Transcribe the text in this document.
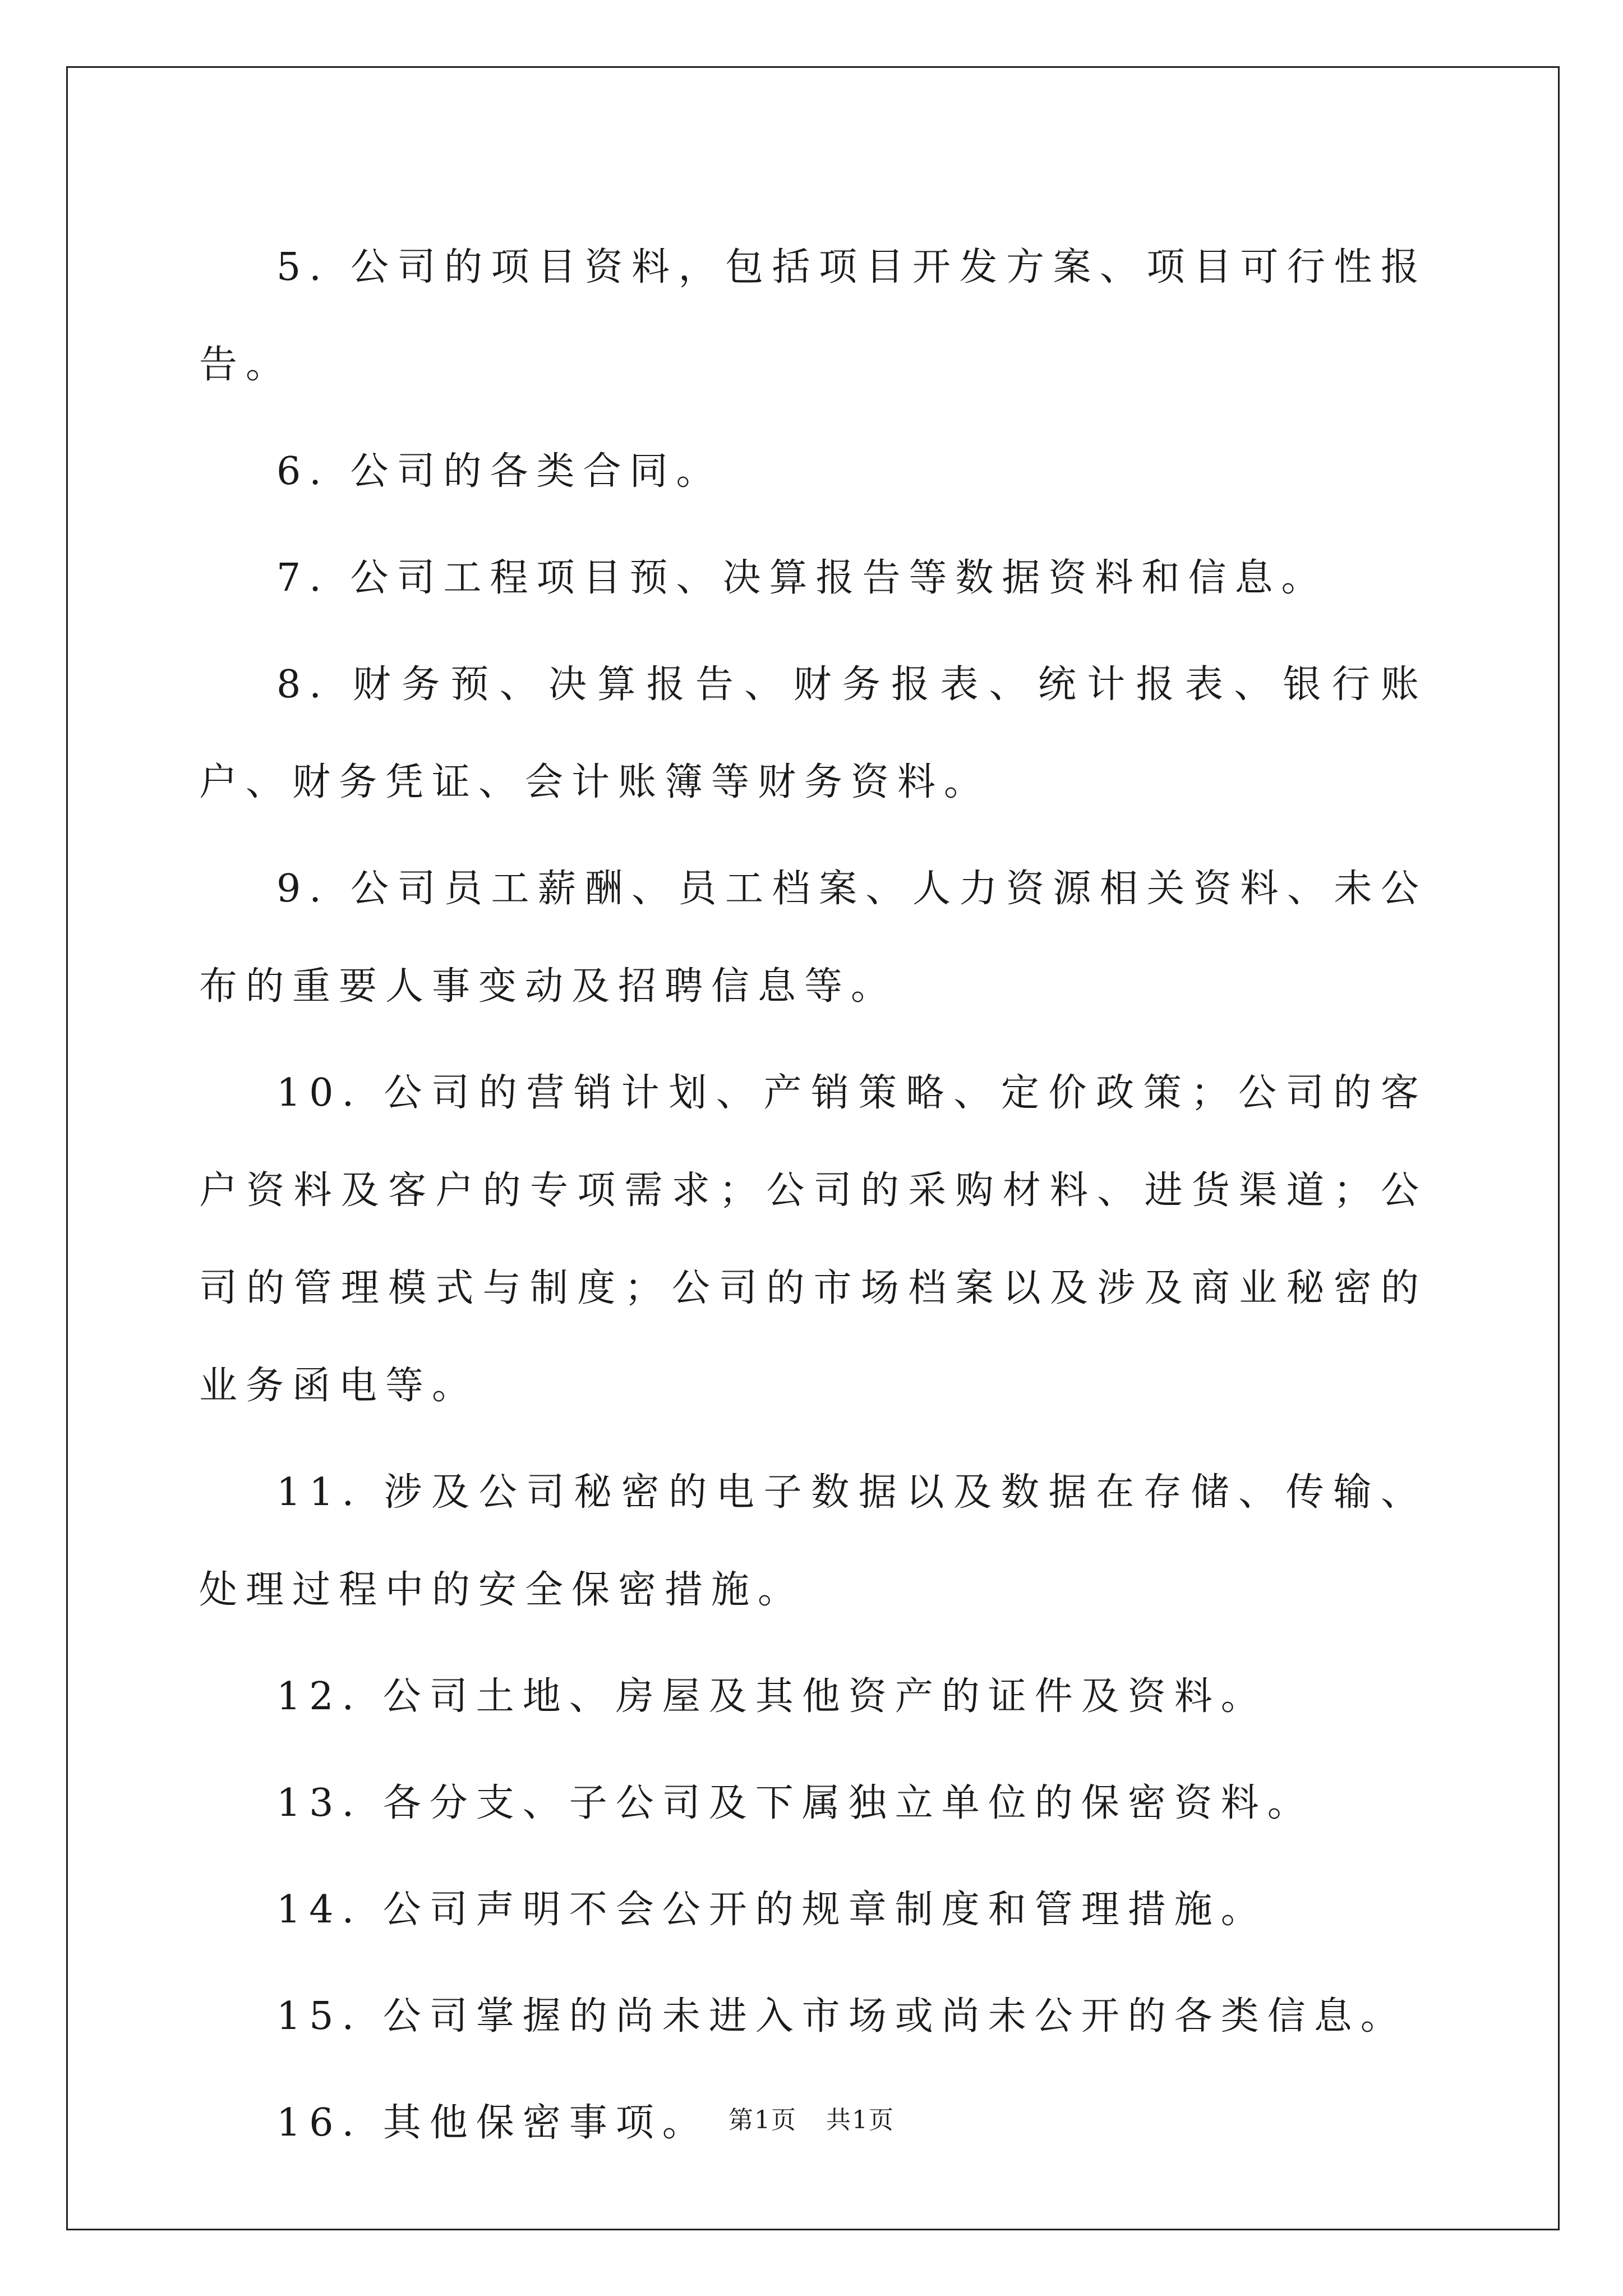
5. 公司的项目资料，包括项目开发方案、项目可行性报告。

6. 公司的各类合同。

7. 公司工程项目预、决算报告等数据资料和信息。

8. 财务预、决算报告、财务报表、统计报表、银行账户、财务凭证、会计账簿等财务资料。

9. 公司员工薪酬、员工档案、人力资源相关资料、未公布的重要人事变动及招聘信息等。

10. 公司的营销计划、产销策略、定价政策；公司的客户资料及客户的专项需求；公司的采购材料、进货渠道；公司的管理模式与制度；公司的市场档案以及涉及商业秘密的业务函电等。

11. 涉及公司秘密的电子数据以及数据在存储、传输、处理过程中的安全保密措施。

12. 公司土地、房屋及其他资产的证件及资料。

13. 各分支、子公司及下属独立单位的保密资料。

14. 公司声明不会公开的规章制度和管理措施。

15. 公司掌握的尚未进入市场或尚未公开的各类信息。

16. 其他保密事项。 第1页 共1页
